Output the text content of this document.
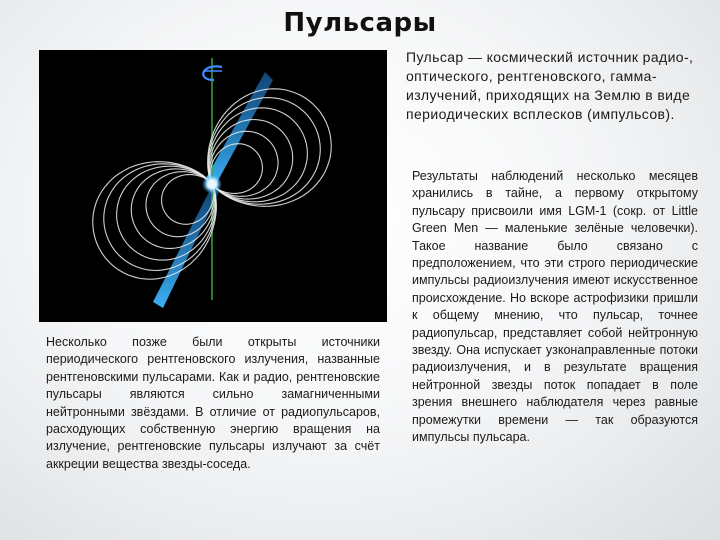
Пульсары
Пульсар — космический источник радио-, оптического, рентгеновского, гамма- излучений, приходящих на Землю в виде периодических всплесков (импульсов).
Результаты наблюдений несколько месяцев хранились в тайне, а первому открытому пульсару присвоили имя LGM-1 (сокр. от Little Green Men — маленькие зелёные человечки). Такое название было связано с предположением, что эти строго периодические импульсы радиоизлучения имеют искусственное происхождение. Но вскоре астрофизики пришли к общему мнению, что пульсар, точнее радиопульсар, представляет собой нейтронную звезду. Она испускает узконаправленные потоки радиоизлучения, и в результате вращения нейтронной звезды поток попадает в поле зрения внешнего наблюдателя через равные промежутки времени — так образуются импульсы пульсара.
Несколько позже были открыты источники периодического рентгеновского излучения, названные рентгеновскими пульсарами. Как и радио, рентгеновские пульсары являются сильно замагниченными нейтронными звёздами. В отличие от радиопульсаров, расходующих собственную энергию вращения на излучение, рентгеновские пульсары излучают за счёт аккреции вещества звезды-соседа.
